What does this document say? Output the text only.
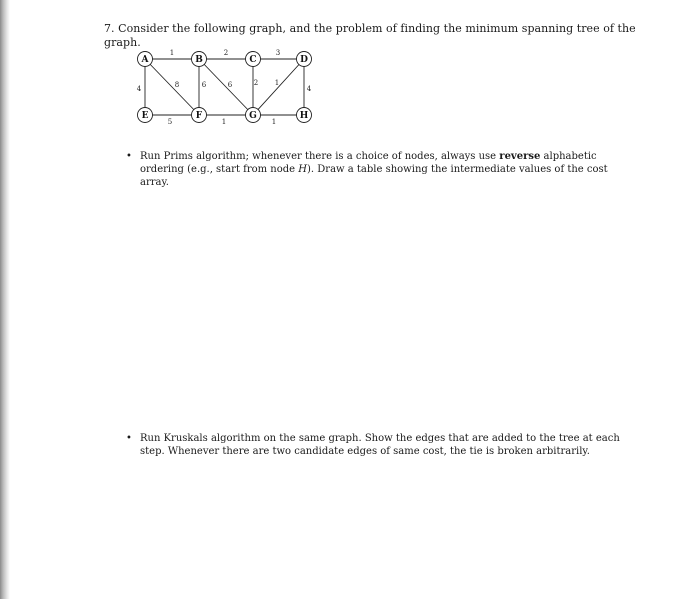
7. Consider the following graph, and the problem of finding the minimum spanning tree of the graph.
1	2	3
4	8	6	6	2 1
4
5	1	1
A	B	C	D
E	F	G	H
• Run Prims algorithm; whenever there is a choice of nodes, always use reverse alphabetic ordering (e.g., start from node H). Draw a table showing the intermediate values of the cost array.
• Run Kruskals algorithm on the same graph. Show the edges that are added to the tree at each step. Whenever there are two candidate edges of same cost, the tie is broken arbitrarily.
